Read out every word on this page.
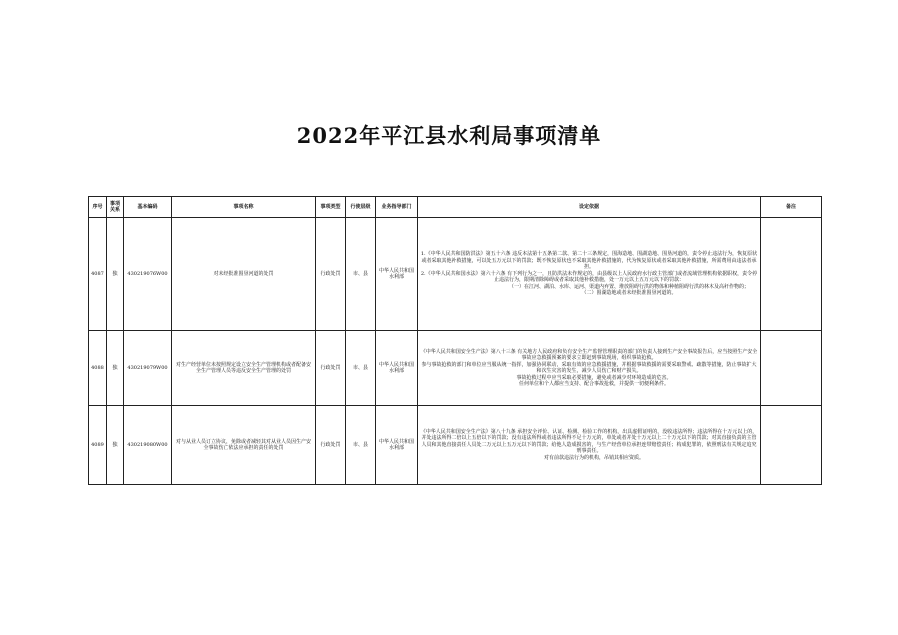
2022年平江县水利局事项清单
序号	事项关系	基本编码	事项名称	事项类型	行使层级	业务指导部门	设定依据	备注
4087	独	430219076W00	对未经批准围垦河道的处罚	行政处罚	市、县	中华人民共和国水利部	1.《中华人民共和国防洪法》第五十六条 违反本法第十五条第二款、第二十三条规定，围海造地、围湖造地、围垦河道的，责令停止违法行为，恢复原状或者采取其他补救措施，可以处五万元以下的罚款；既不恢复原状也不采取其他补救措施的，代为恢复原状或者采取其他补救措施，所需费用由违法者承担。

2.《中华人民共和国水法》第六十六条 有下列行为之一，且防洪法未作规定的，由县级以上人民政府水行政主管部门或者流域管理机构依据职权，责令停止违法行为，限期清除障碍或者采取其他补救措施，处一万元以上五万元以下的罚款：

（一）在江河、湖泊、水库、运河、渠道内弃置、堆放阻碍行洪的物体和种植阻碍行洪的林木及高秆作物的；

（二）围湖造地或者未经批准围垦河道的。	

4088	独	430219079W00	对生产经营单位未按照规定设立安全生产管理机构或者配备安全生产管理人员等违反安全生产管理的处罚	行政处罚	市、县	中华人民共和国水利部	《中华人民共和国安全生产法》第八十三条 有关地方人民政府和负有安全生产监督管理职责的部门的负责人接到生产安全事故报告后，应当按照生产安全事故应急救援预案的要求立即赶到事故现场，组织事故抢救。

参与事故抢救的部门和单位应当服从统一指挥，加强协同联动，采取有效的应急救援措施，并根据事故救援的需要采取警戒、疏散等措施，防止事故扩大和次生灾害的发生，减少人员伤亡和财产损失。

事故抢救过程中应当采取必要措施，避免或者减少对环境造成的危害。

任何单位和个人都应当支持、配合事故抢救，并提供一切便利条件。	

4089	独	430219080W00	对与从业人员订立协议，免除或者减轻其对从业人员因生产安全事故伤亡依法应承担的责任的处罚	行政处罚	市、县	中华人民共和国水利部	《中华人民共和国安全生产法》第八十九条 承担安全评价、认证、检测、检验工作的机构，出具虚假证明的，没收违法所得；违法所得在十万元以上的，并处违法所得二倍以上五倍以下的罚款；没有违法所得或者违法所得不足十万元的，单处或者并处十万元以上二十万元以下的罚款；对其直接负责的主管人员和其他直接责任人员处二万元以上五万元以下的罚款；给他人造成损害的，与生产经营单位承担连带赔偿责任；构成犯罪的，依照刑法有关规定追究刑事责任。

对有前款违法行为的机构，吊销其相应资质。	
